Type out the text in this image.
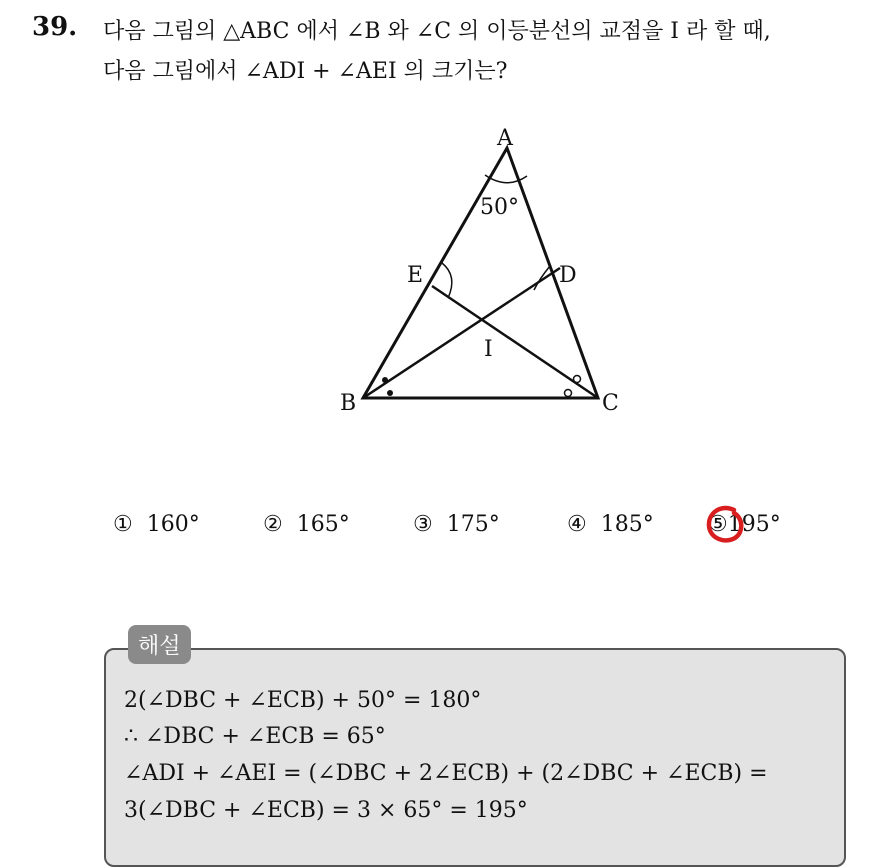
39. 다음 그림의 △ABC 에서 ∠B 와 ∠C 의 이등분선의 교점을 I 라 할 때,
다음 그림에서 ∠ADI + ∠AEI 의 크기는?
A
B	C
D
E
I
50°
① 160°	② 165°	③ 175°	④ 185° ⑤195°
해설
2(∠DBC + ∠ECB) + 50° = 180°
∴ ∠DBC + ∠ECB = 65°
∠ADI + ∠AEI = (∠DBC + 2∠ECB) + (2∠DBC + ∠ECB) =
3(∠DBC + ∠ECB) = 3 × 65° = 195°
